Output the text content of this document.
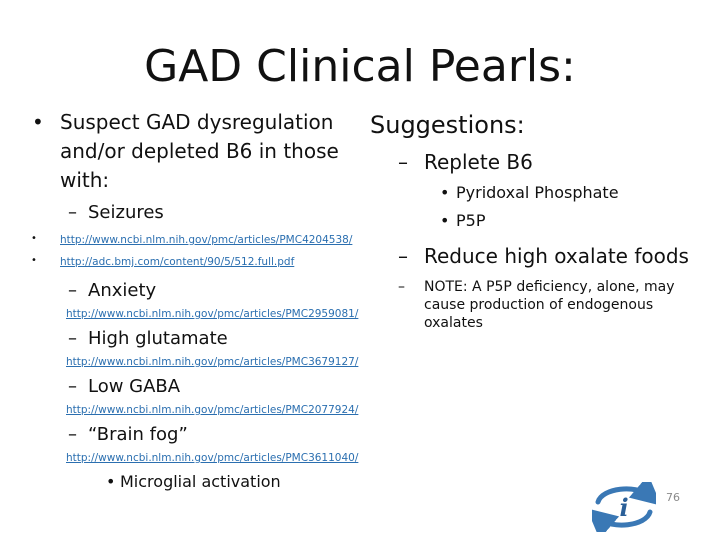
GAD Clinical Pearls:
• Suspect GAD dysregulation and/or depleted B6 in those with:
– Seizures
• http://www.ncbi.nlm.nih.gov/pmc/articles/PMC4204538/
• http://adc.bmj.com/content/90/5/512.full.pdf
– Anxiety
http://www.ncbi.nlm.nih.gov/pmc/articles/PMC2959081/
– High glutamate
http://www.ncbi.nlm.nih.gov/pmc/articles/PMC3679127/
– Low GABA
http://www.ncbi.nlm.nih.gov/pmc/articles/PMC2077924/
– “Brain fog”
http://www.ncbi.nlm.nih.gov/pmc/articles/PMC3611040/
• Microglial activation
Suggestions:
– Replete B6
• Pyridoxal Phosphate
• P5P
– Reduce high oxalate foods
– NOTE: A P5P deficiency, alone, may cause production of endogenous oxalates
i	76
